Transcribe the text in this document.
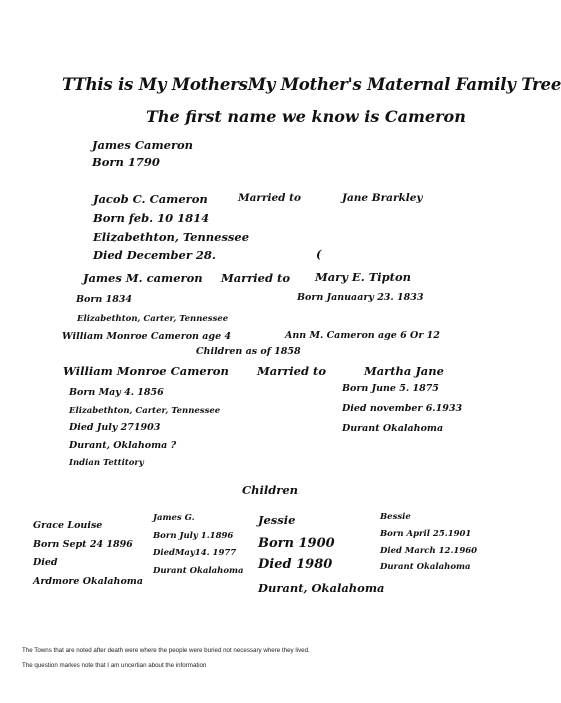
TThis is My MothersMy Mother's Maternal Family Tree
The first name we know is Cameron
James Cameron
Born 1790
Jacob C. Cameron	Married to	Jane Brarkley
Born feb. 10 1814
Elizabethton, Tennessee
Died December 28.	(
James M. cameron Married to Mary E. Tipton
Born 1834	Born Januaary 23. 1833
Elizabethton, Carter, Tennessee
William Monroe Cameron age 4	Ann M. Cameron age 6 Or 12
Children as of 1858
William Monroe Cameron Married to	Martha Jane
Born May 4. 1856
Elizabethton, Carter, Tennessee
Died July 271903
Durant, Oklahoma ?
Indian Tettitory
Born June 5. 1875
Died november 6.1933
Durant Okalahoma
Children
Grace Louise
Born Sept 24 1896
Died
Ardmore Okalahoma
James G.
Born July 1.1896
DiedMay14. 1977
Durant Okalahoma
Jessie
Born 1900
Died 1980
Durant, Okalahoma
Bessie
Born April 25.1901
Died March 12.1960
Durant Okalahoma
The Towns that are noted after death were where the people were buried not necessary where they lived.
The question markes note that I am uncertian about the information
